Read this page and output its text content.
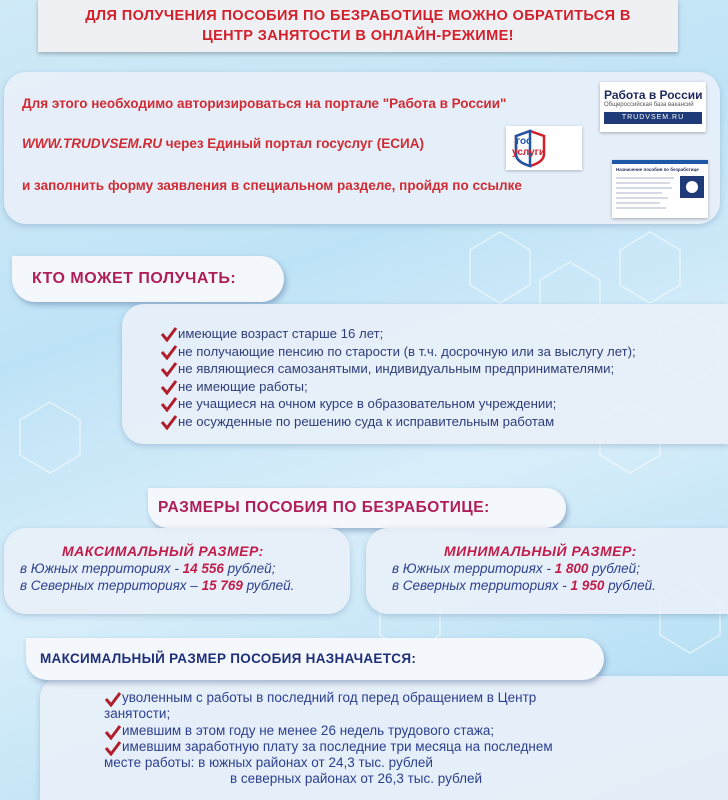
ДЛЯ ПОЛУЧЕНИЯ ПОСОБИЯ ПО БЕЗРАБОТИЦЕ МОЖНО ОБРАТИТЬСЯ В
ЦЕНТР ЗАНЯТОСТИ В ОНЛАЙН-РЕЖИМЕ!
Для этого необходимо авторизироваться на портале "Работа в России"
WWW.TRUDVSEM.RU через Единый портал госуслуг (ЕСИА)
и заполнить форму заявления в специальном разделе, пройдя по ссылке
Работа в России
Общероссийская база вакансий
TRUDVSEM.RU
гос
услуги
Назначение пособия по безработице
КТО МОЖЕТ ПОЛУЧАТЬ:
имеющие возраст старше 16 лет;
не получающие пенсию по старости (в т.ч. досрочную или за выслугу лет);
не являющиеся самозанятыми, индивидуальным предпринимателями;
не имеющие работы;
не учащиеся на очном курсе в образовательном учреждении;
не осужденные по решению суда к исправительным работам
РАЗМЕРЫ ПОСОБИЯ ПО БЕЗРАБОТИЦЕ:
МАКСИМАЛЬНЫЙ РАЗМЕР:
в Южных территориях - 14 556 рублей;
в Северных территориях – 15 769 рублей.
МИНИМАЛЬНЫЙ РАЗМЕР:
в Южных территориях - 1 800 рублей;
в Северных территориях - 1 950 рублей.
МАКСИМАЛЬНЫЙ РАЗМЕР ПОСОБИЯ НАЗНАЧАЕТСЯ:
уволенным с работы в последний год перед обращением в Центр
занятости;
имевшим в этом году не менее 26 недель трудового стажа;
имевшим заработную плату за последние три месяца на последнем
месте работы: в южных районах от 24,3 тыс. рублей
в северных районах от 26,3 тыс. рублей
